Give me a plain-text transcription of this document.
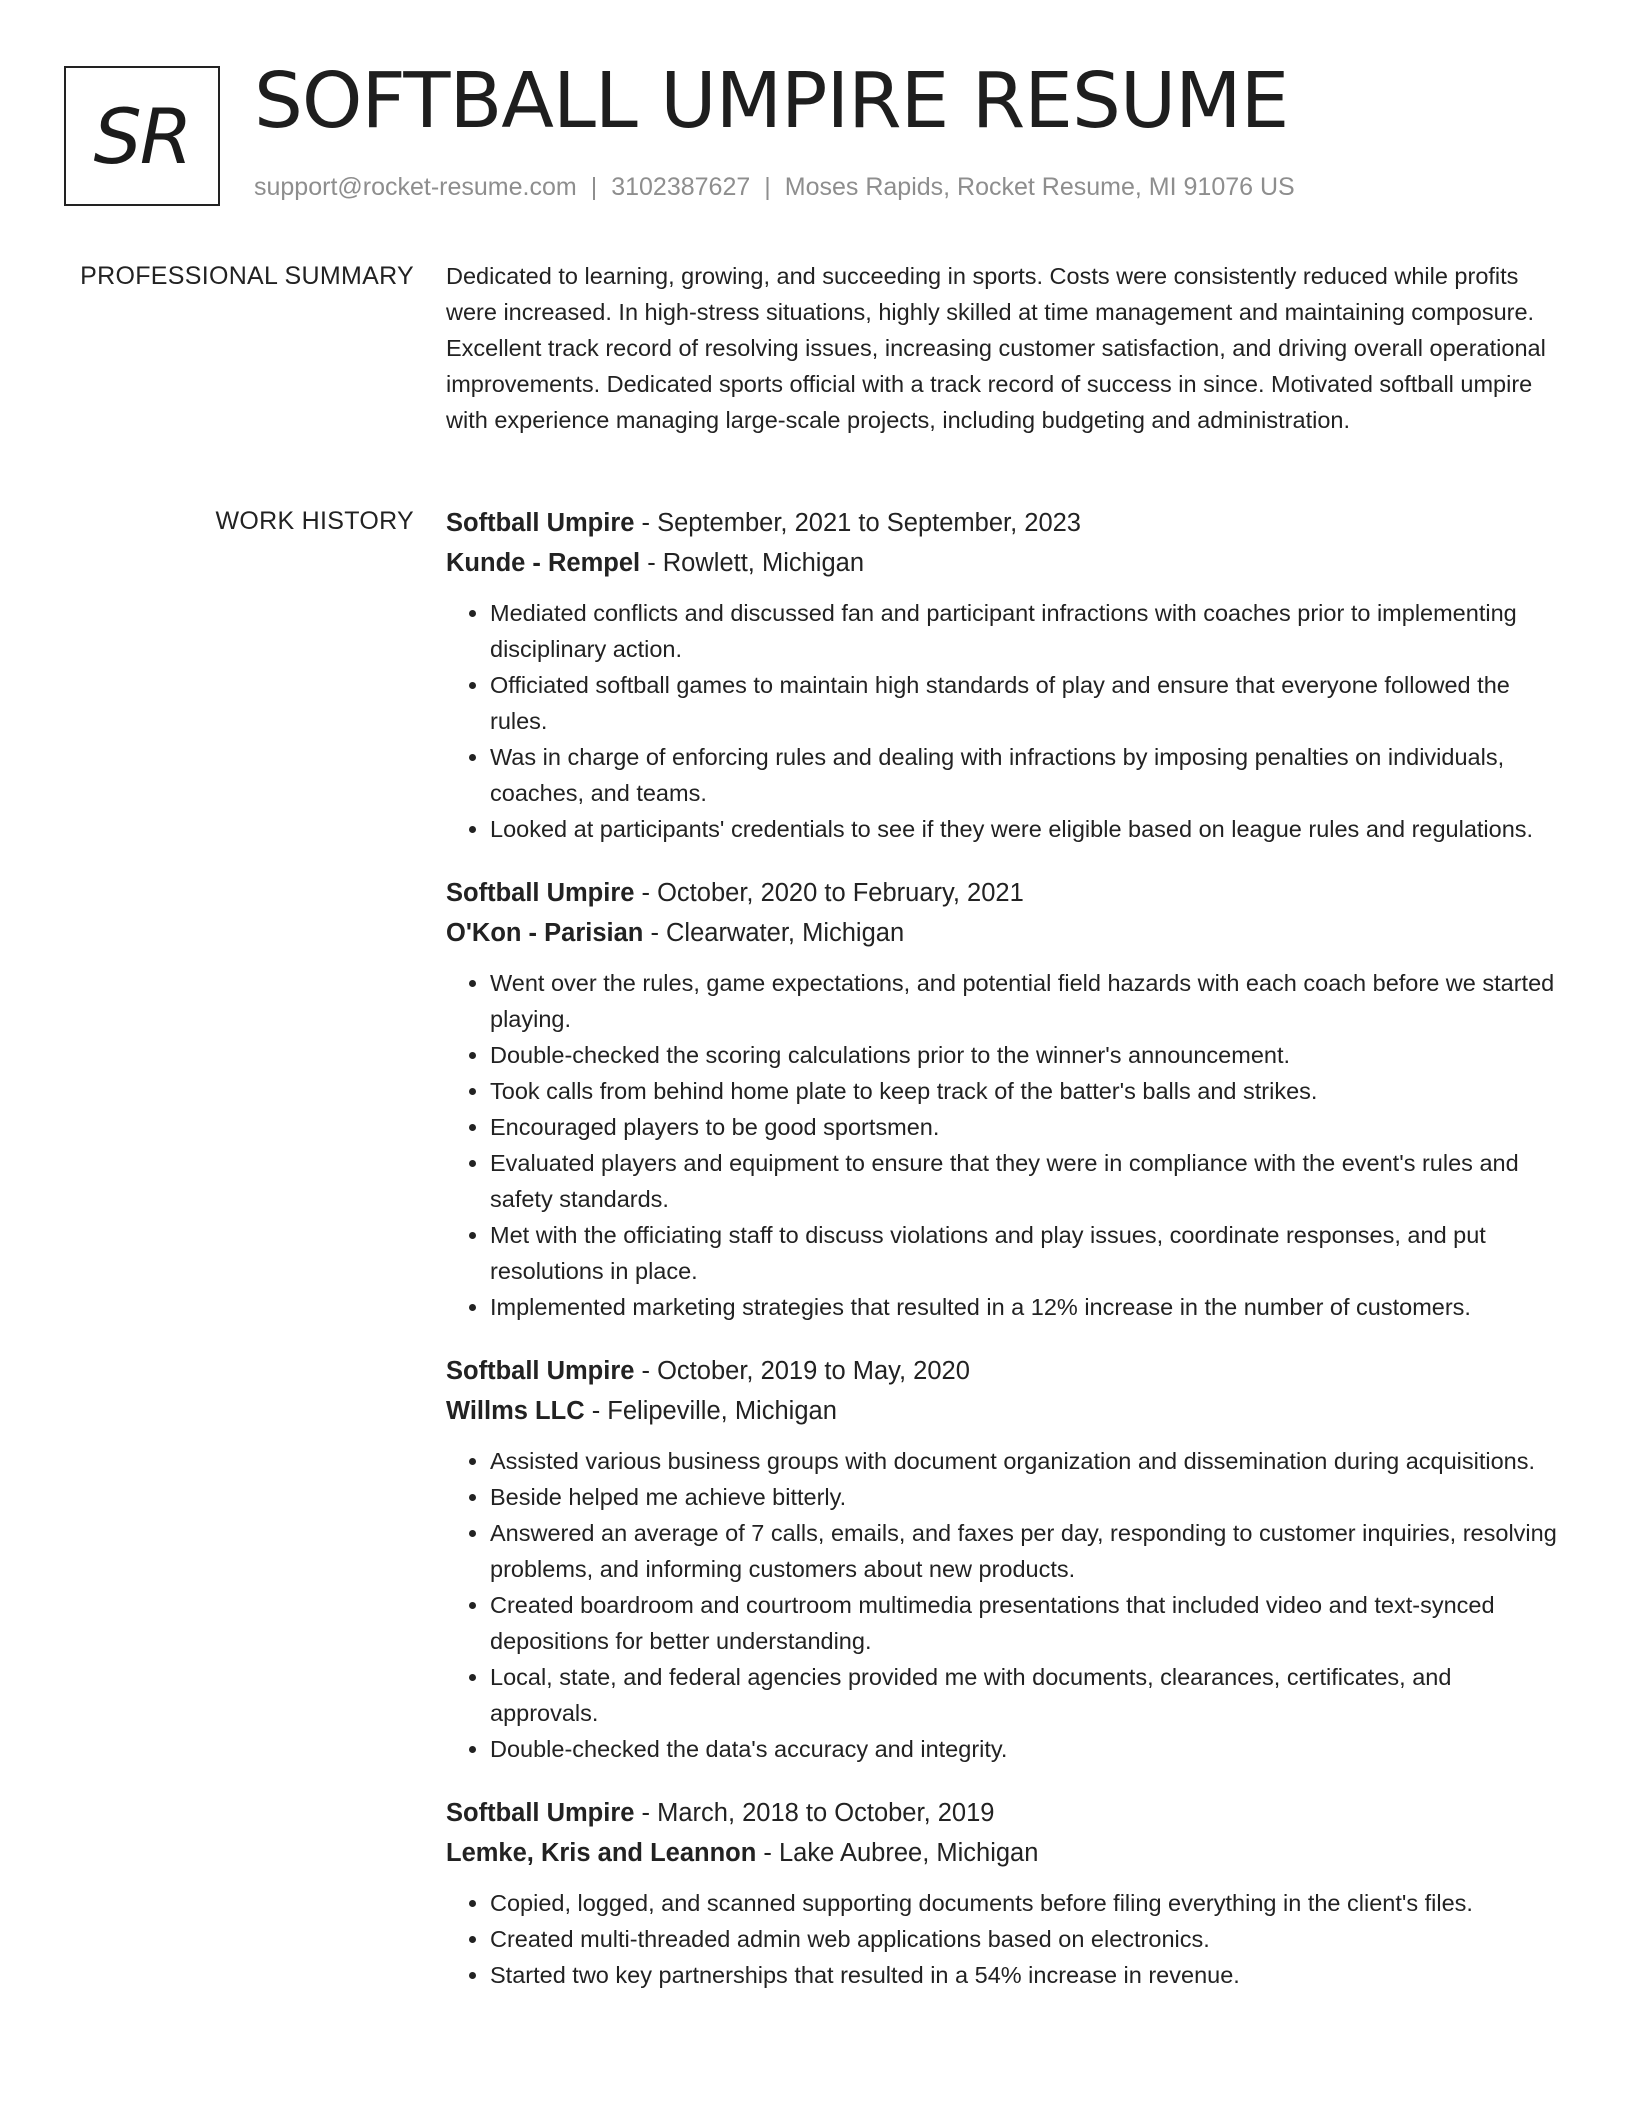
SR SOFTBALL UMPIRE RESUME
support@rocket-resume.com | 3102387627 | Moses Rapids, Rocket Resume, MI 91076 US
PROFESSIONAL SUMMARY Dedicated to learning, growing, and succeeding in sports. Costs were consistently reduced while profits were increased. In high-stress situations, highly skilled at time management and maintaining composure. Excellent track record of resolving issues, increasing customer satisfaction, and driving overall operational improvements. Dedicated sports official with a track record of success in since. Motivated softball umpire with experience managing large-scale projects, including budgeting and administration.

WORK HISTORY Softball Umpire - September, 2021 to September, 2023
Kunde - Rempel - Rowlett, Michigan
• Mediated conflicts and discussed fan and participant infractions with coaches prior to implementing disciplinary action.
• Officiated softball games to maintain high standards of play and ensure that everyone followed the rules.
• Was in charge of enforcing rules and dealing with infractions by imposing penalties on individuals, coaches, and teams.
• Looked at participants' credentials to see if they were eligible based on league rules and regulations.
Softball Umpire - October, 2020 to February, 2021
O'Kon - Parisian - Clearwater, Michigan
• Went over the rules, game expectations, and potential field hazards with each coach before we started playing.
• Double-checked the scoring calculations prior to the winner's announcement.
• Took calls from behind home plate to keep track of the batter's balls and strikes.
• Encouraged players to be good sportsmen.
• Evaluated players and equipment to ensure that they were in compliance with the event's rules and safety standards.
• Met with the officiating staff to discuss violations and play issues, coordinate responses, and put resolutions in place.
• Implemented marketing strategies that resulted in a 12% increase in the number of customers.
Softball Umpire - October, 2019 to May, 2020
Willms LLC - Felipeville, Michigan
• Assisted various business groups with document organization and dissemination during acquisitions.
• Beside helped me achieve bitterly.
• Answered an average of 7 calls, emails, and faxes per day, responding to customer inquiries, resolving problems, and informing customers about new products.
• Created boardroom and courtroom multimedia presentations that included video and text-synced depositions for better understanding.
• Local, state, and federal agencies provided me with documents, clearances, certificates, and approvals.
• Double-checked the data's accuracy and integrity.
Softball Umpire - March, 2018 to October, 2019
Lemke, Kris and Leannon - Lake Aubree, Michigan
• Copied, logged, and scanned supporting documents before filing everything in the client's files.
• Created multi-threaded admin web applications based on electronics.
• Started two key partnerships that resulted in a 54% increase in revenue.
